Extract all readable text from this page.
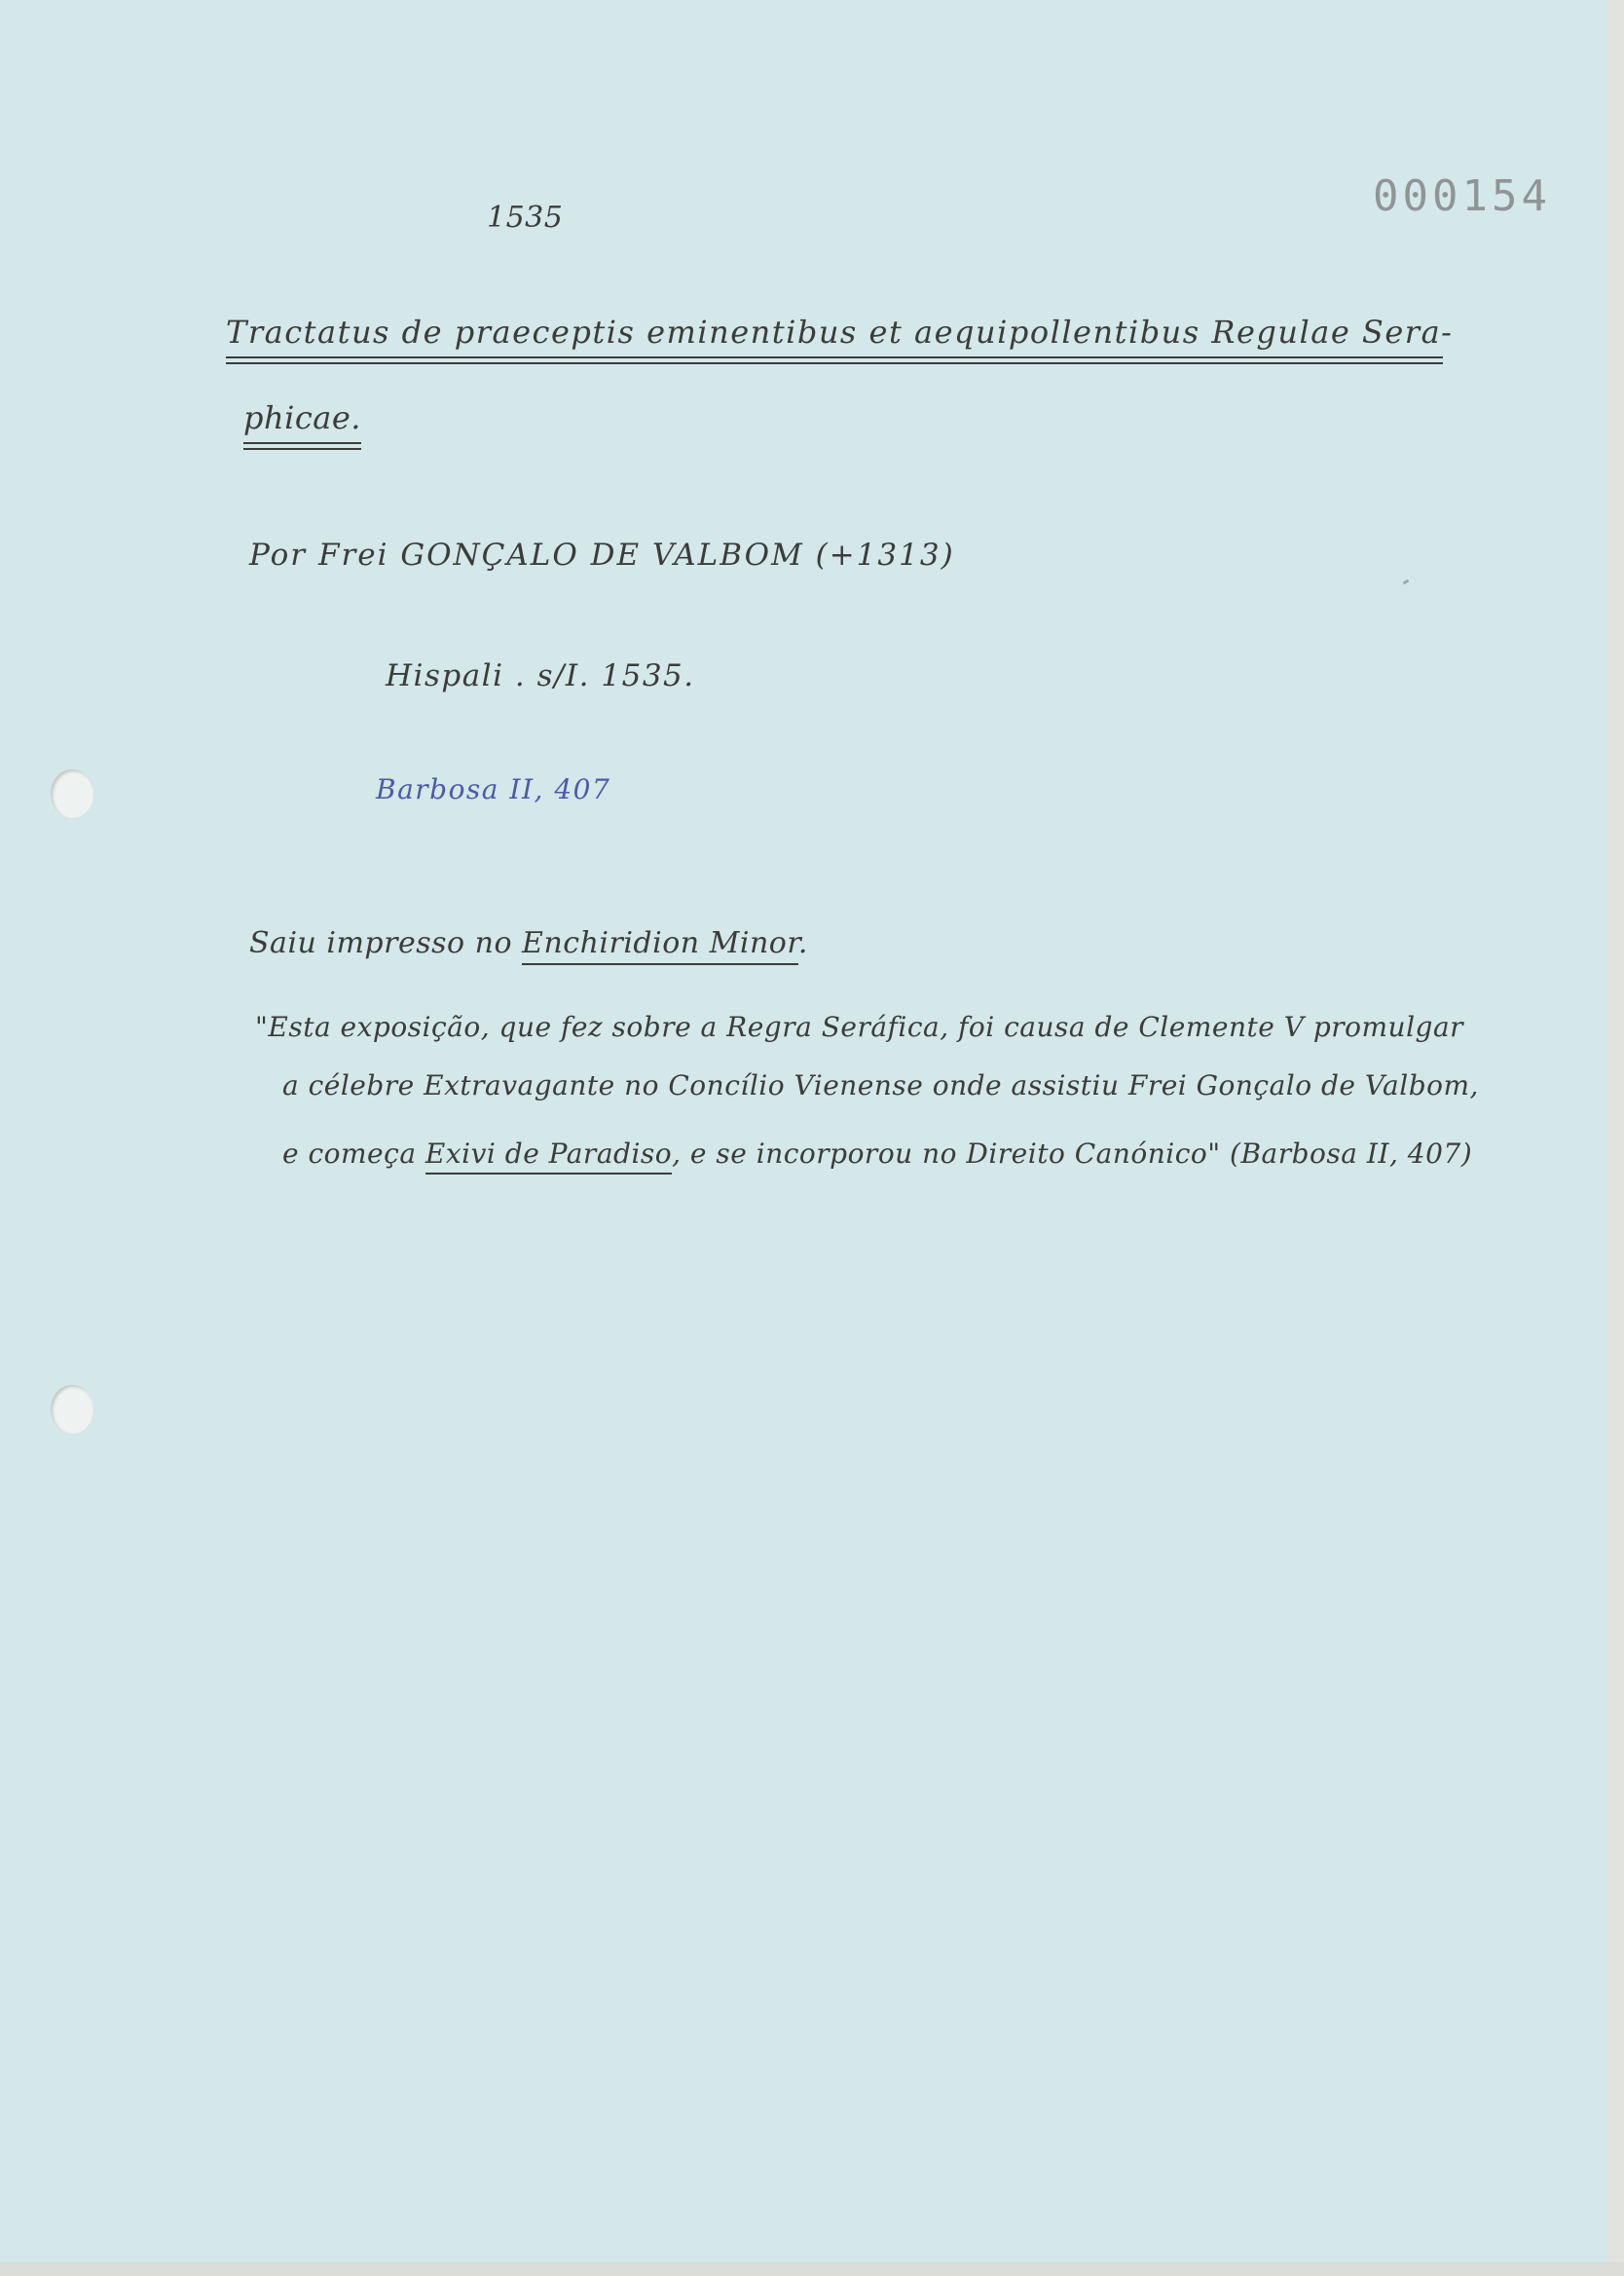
000154
1535
Tractatus de praeceptis eminentibus et aequipollentibus Regulae Sera-
phicae.
Por Frei GONÇALO DE VALBOM (+1313)
Hispali . s/I. 1535.
Barbosa II, 407
Saiu impresso no Enchiridion Minor.
"Esta exposição, que fez sobre a Regra Seráfica, foi causa de Clemente V promulgar
a célebre Extravagante no Concílio Vienense onde assistiu Frei Gonçalo de Valbom,
e começa Exivi de Paradiso, e se incorporou no Direito Canónico" (Barbosa II, 407)
